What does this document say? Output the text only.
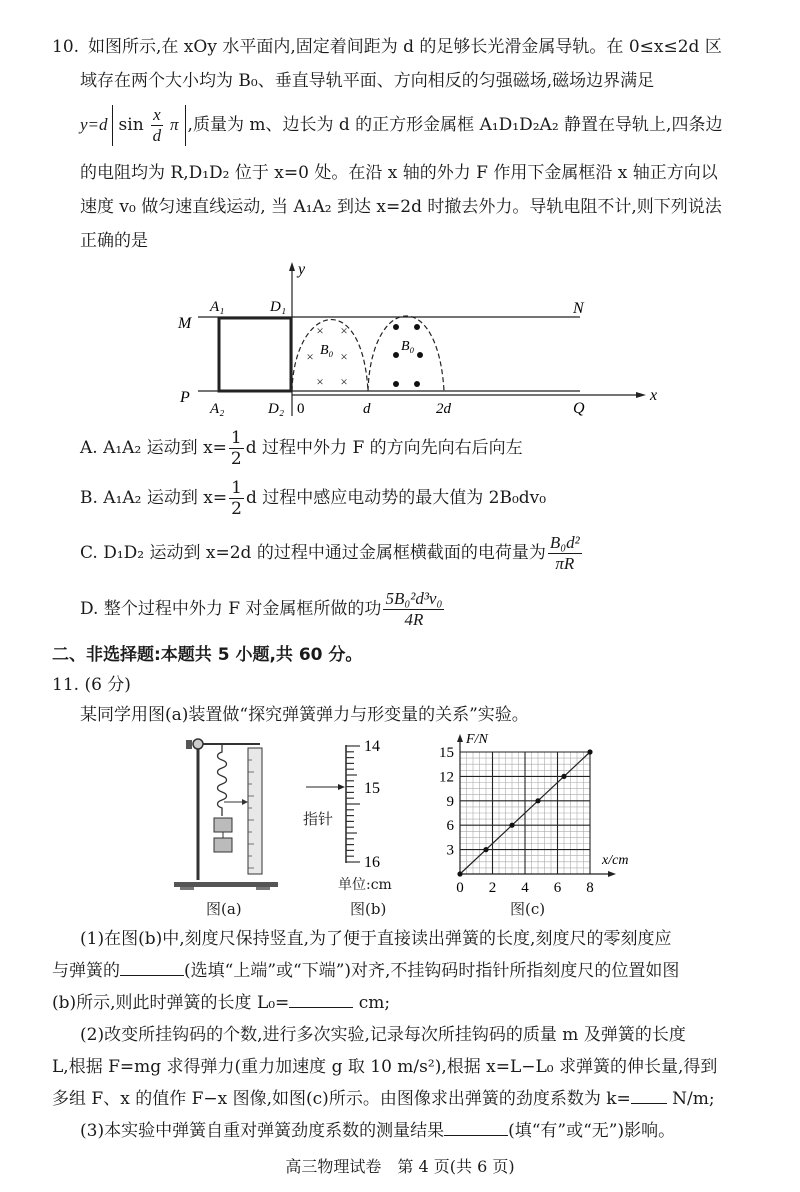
10. 如图所示,在 xOy 水平面内,固定着间距为 d 的足够长光滑金属导轨。在 0≤x≤2d 区
域存在两个大小均为 B₀、垂直导轨平面、方向相反的匀强磁场,磁场边界满足
y=d $\sin \frac{x}{d}$ π ,质量为 m、边长为 d 的正方形金属框 A₁D₁D₂A₂ 静置在导轨上,四条边
的电阻均为 R,D₁D₂ 位于 x=0 处。在沿 x 轴的外力 F 作用下金属框沿 x 轴正方向以
速度 v₀ 做匀速直线运动, 当 A₁A₂ 到达 x=2d 时撤去外力。导轨电阻不计,则下列说法
正确的是
y
x
× ×
×
× ×
× B₀	B₀
M
N
P
Q
A₁	D₁
A₂	D₂ 0	d	2d
A. A₁A₂ 运动到 $x= \frac{1}{2}$ d 过程中外力 F 的方向先向右后向左
B. A₁A₂ 运动到 $x= \frac{1}{2}$ d 过程中感应电动势的最大值为 2B₀dv₀
C. D₁D₂ 运动到 x=2d 的过程中通过金属框横截面的电荷量为 $\frac{\text{B₀d²}}{\pi R}$
D. 整个过程中外力 F 对金属框所做的功 $\frac{\text{5B₀²d³v₀}}{4R}$
二、非选择题:本题共 5 小题,共 60 分。
11. (6 分)
某同学用图(a)装置做“探究弹簧弹力与形变量的关系”实验。
图(a)
14
15
16
指针
单位:cm
图(b)
F/N
x/cm
0 2 4 6 8
3
6
9
12
15
图(c)
(1)在图(b)中,刻度尺保持竖直,为了便于直接读出弹簧的长度,刻度尺的零刻度应
与弹簧的	(选填“上端”或“下端”)对齐,不挂钩码时指针所指刻度尺的位置如图
(b)所示,则此时弹簧的长度 L₀=	cm;
(2)改变所挂钩码的个数,进行多次实验,记录每次所挂钩码的质量 m 及弹簧的长度
L,根据 F=mg 求得弹力(重力加速度 g 取 10 m/s²),根据 x=L−L₀ 求弹簧的伸长量,得到
多组 F、x 的值作 F−x 图像,如图(c)所示。由图像求出弹簧的劲度系数为 k= N/m;
(3)本实验中弹簧自重对弹簧劲度系数的测量结果	(填“有”或“无”)影响。
高三物理试卷　第 4 页(共 6 页)
